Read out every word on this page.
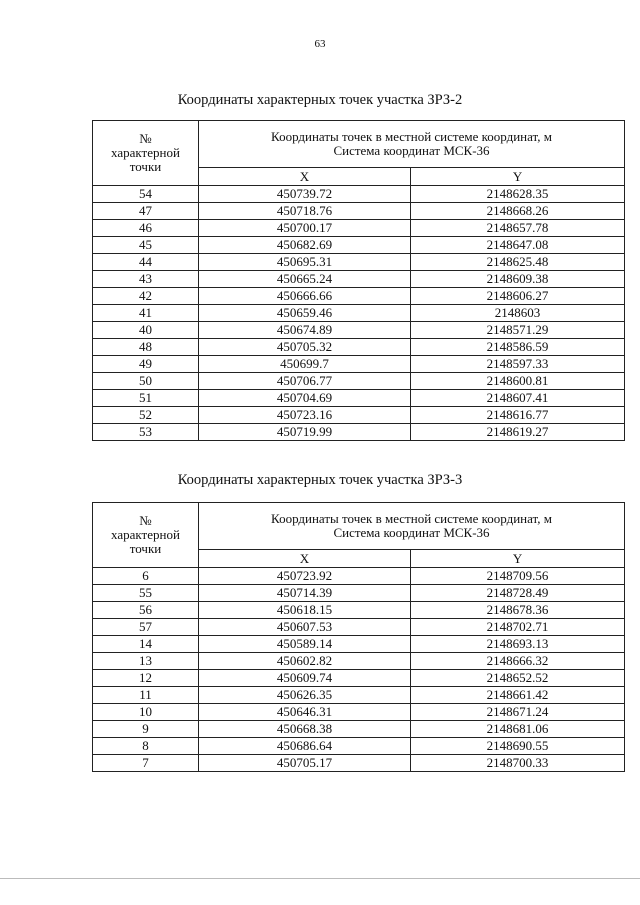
63
Координаты характерных точек участка ЗРЗ-2
№
характерной
точки	Координаты точек в местной системе координат, м
Система координат МСК-36	

	X	Y
54	450739.72	2148628.35
47	450718.76	2148668.26
46	450700.17	2148657.78
45	450682.69	2148647.08
44	450695.31	2148625.48
43	450665.24	2148609.38
42	450666.66	2148606.27
41	450659.46	2148603
40	450674.89	2148571.29
48	450705.32	2148586.59
49	450699.7	2148597.33
50	450706.77	2148600.81
51	450704.69	2148607.41
52	450723.16	2148616.77
53	450719.99	2148619.27
Координаты характерных точек участка ЗРЗ-3
№
характерной
точки	Координаты точек в местной системе координат, м
Система координат МСК-36	

	X	Y
6	450723.92	2148709.56
55	450714.39	2148728.49
56	450618.15	2148678.36
57	450607.53	2148702.71
14	450589.14	2148693.13
13	450602.82	2148666.32
12	450609.74	2148652.52
11	450626.35	2148661.42
10	450646.31	2148671.24
9	450668.38	2148681.06
8	450686.64	2148690.55
7	450705.17	2148700.33
